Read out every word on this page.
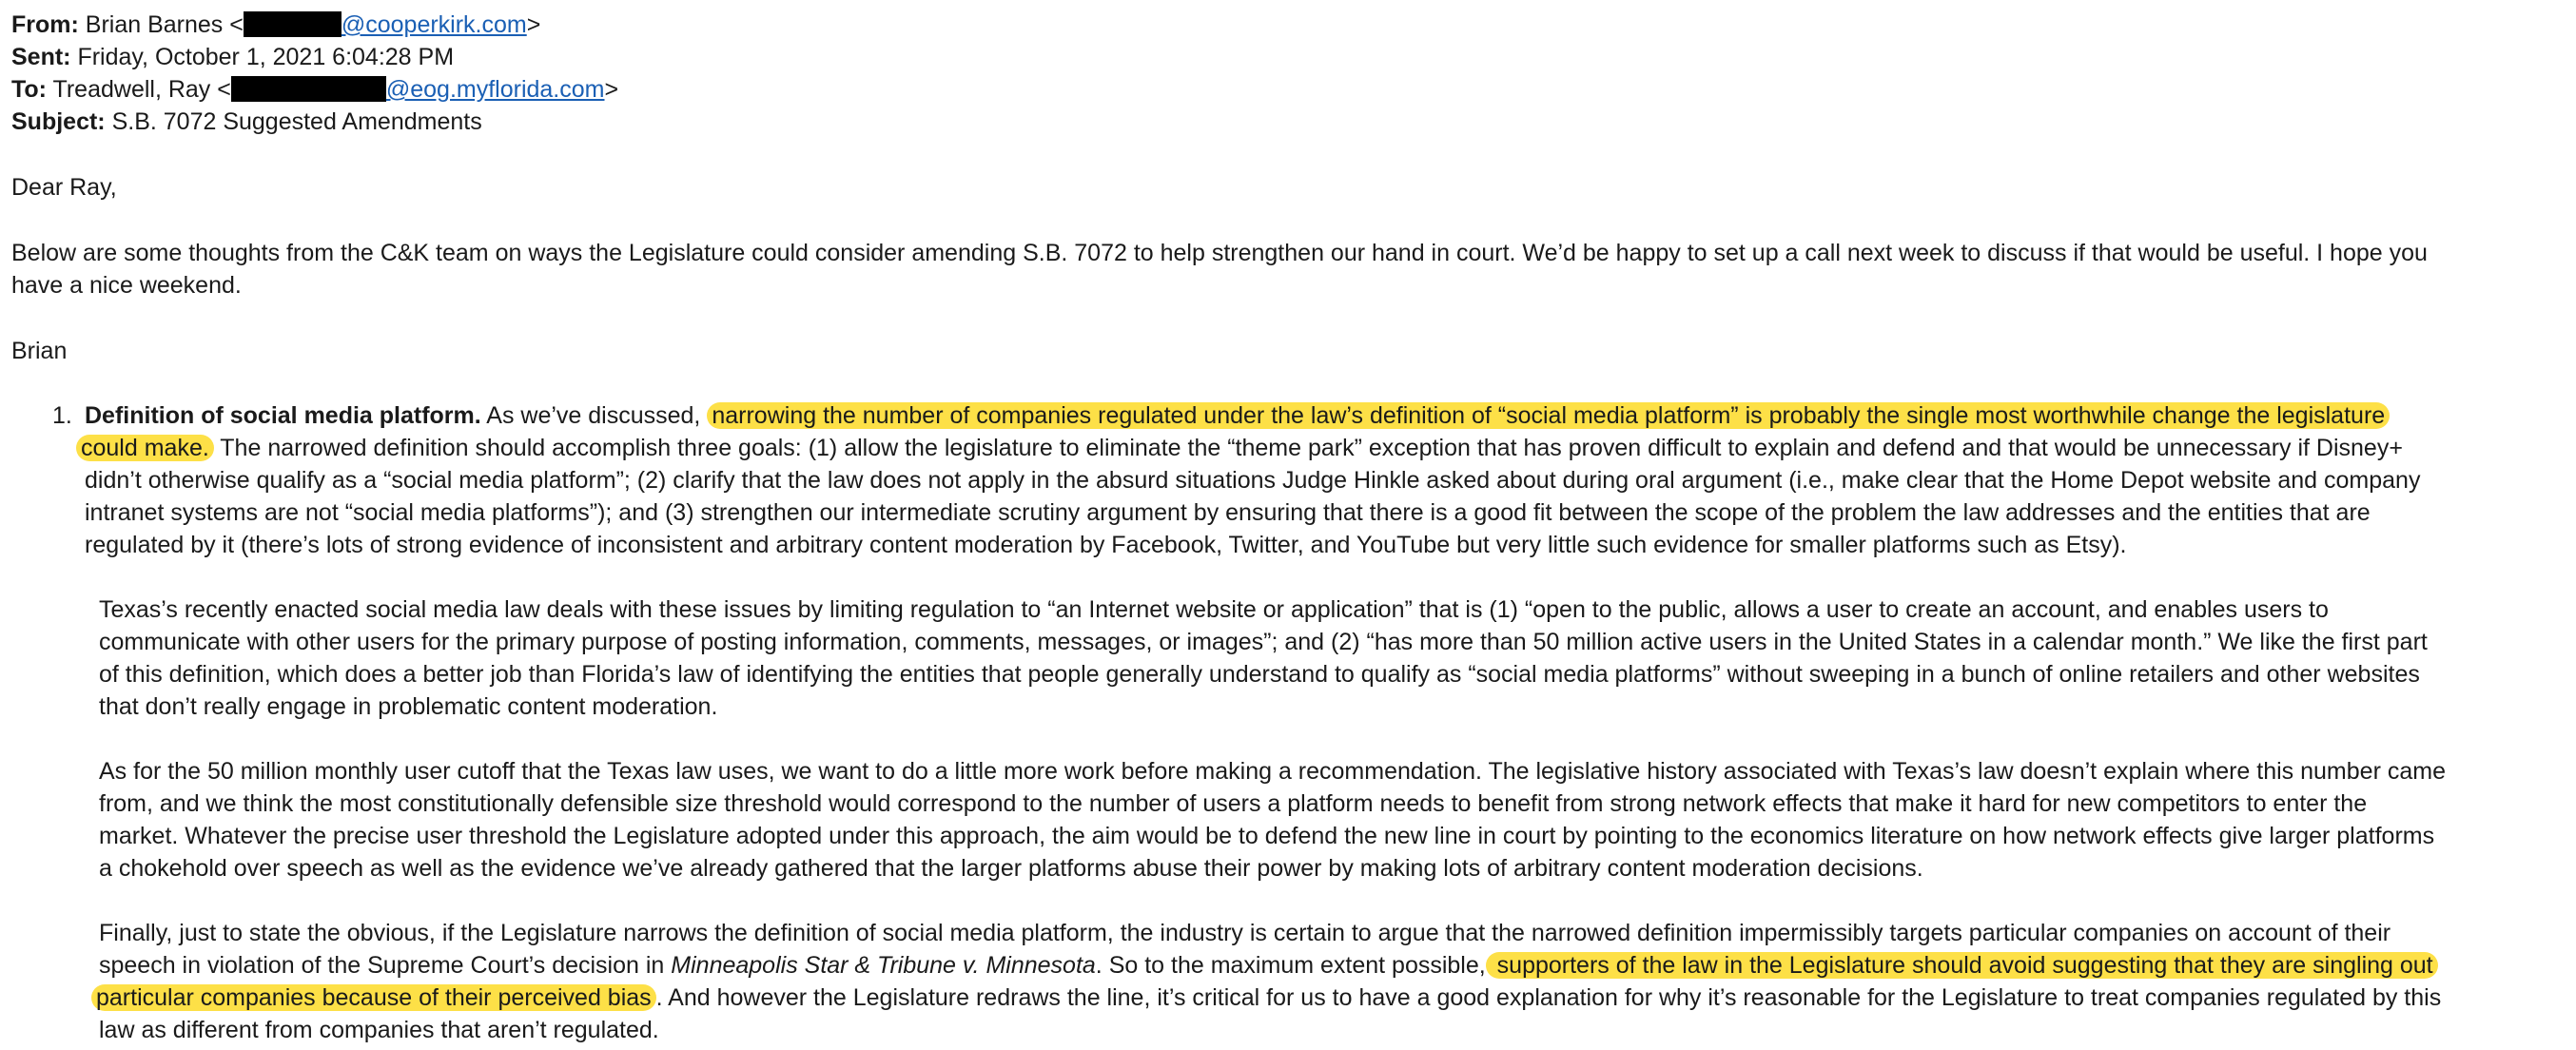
From: Brian Barnes <	@cooperkirk.com>
Sent: Friday, October 1, 2021 6:04:28 PM
To: Treadwell, Ray <	@eog.myflorida.com>
Subject: S.B. 7072 Suggested Amendments
Dear Ray,
Below are some thoughts from the C&K team on ways the Legislature could consider amending S.B. 7072 to help strengthen our hand in court. We’d be happy to set up a call next week to discuss if that would be useful. I hope you
have a nice weekend.
Brian
1. Definition of social media platform. As we’ve discussed, narrowing the number of companies regulated under the law’s definition of “social media platform” is probably the single most worthwhile change the legislature
could make. The narrowed definition should accomplish three goals: (1) allow the legislature to eliminate the “theme park” exception that has proven difficult to explain and defend and that would be unnecessary if Disney+
didn’t otherwise qualify as a “social media platform”; (2) clarify that the law does not apply in the absurd situations Judge Hinkle asked about during oral argument (i.e., make clear that the Home Depot website and company
intranet systems are not “social media platforms”); and (3) strengthen our intermediate scrutiny argument by ensuring that there is a good fit between the scope of the problem the law addresses and the entities that are
regulated by it (there’s lots of strong evidence of inconsistent and arbitrary content moderation by Facebook, Twitter, and YouTube but very little such evidence for smaller platforms such as Etsy).
Texas’s recently enacted social media law deals with these issues by limiting regulation to “an Internet website or application” that is (1) “open to the public, allows a user to create an account, and enables users to
communicate with other users for the primary purpose of posting information, comments, messages, or images”; and (2) “has more than 50 million active users in the United States in a calendar month.” We like the first part
of this definition, which does a better job than Florida’s law of identifying the entities that people generally understand to qualify as “social media platforms” without sweeping in a bunch of online retailers and other websites
that don’t really engage in problematic content moderation.
As for the 50 million monthly user cutoff that the Texas law uses, we want to do a little more work before making a recommendation. The legislative history associated with Texas’s law doesn’t explain where this number came
from, and we think the most constitutionally defensible size threshold would correspond to the number of users a platform needs to benefit from strong network effects that make it hard for new competitors to enter the
market. Whatever the precise user threshold the Legislature adopted under this approach, the aim would be to defend the new line in court by pointing to the economics literature on how network effects give larger platforms
a chokehold over speech as well as the evidence we’ve already gathered that the larger platforms abuse their power by making lots of arbitrary content moderation decisions.
Finally, just to state the obvious, if the Legislature narrows the definition of social media platform, the industry is certain to argue that the narrowed definition impermissibly targets particular companies on account of their
speech in violation of the Supreme Court’s decision in Minneapolis Star & Tribune v. Minnesota. So to the maximum extent possible, supporters of the law in the Legislature should avoid suggesting that they are singling out
particular companies because of their perceived bias . And however the Legislature redraws the line, it’s critical for us to have a good explanation for why it’s reasonable for the Legislature to treat companies regulated by this
law as different from companies that aren’t regulated.
